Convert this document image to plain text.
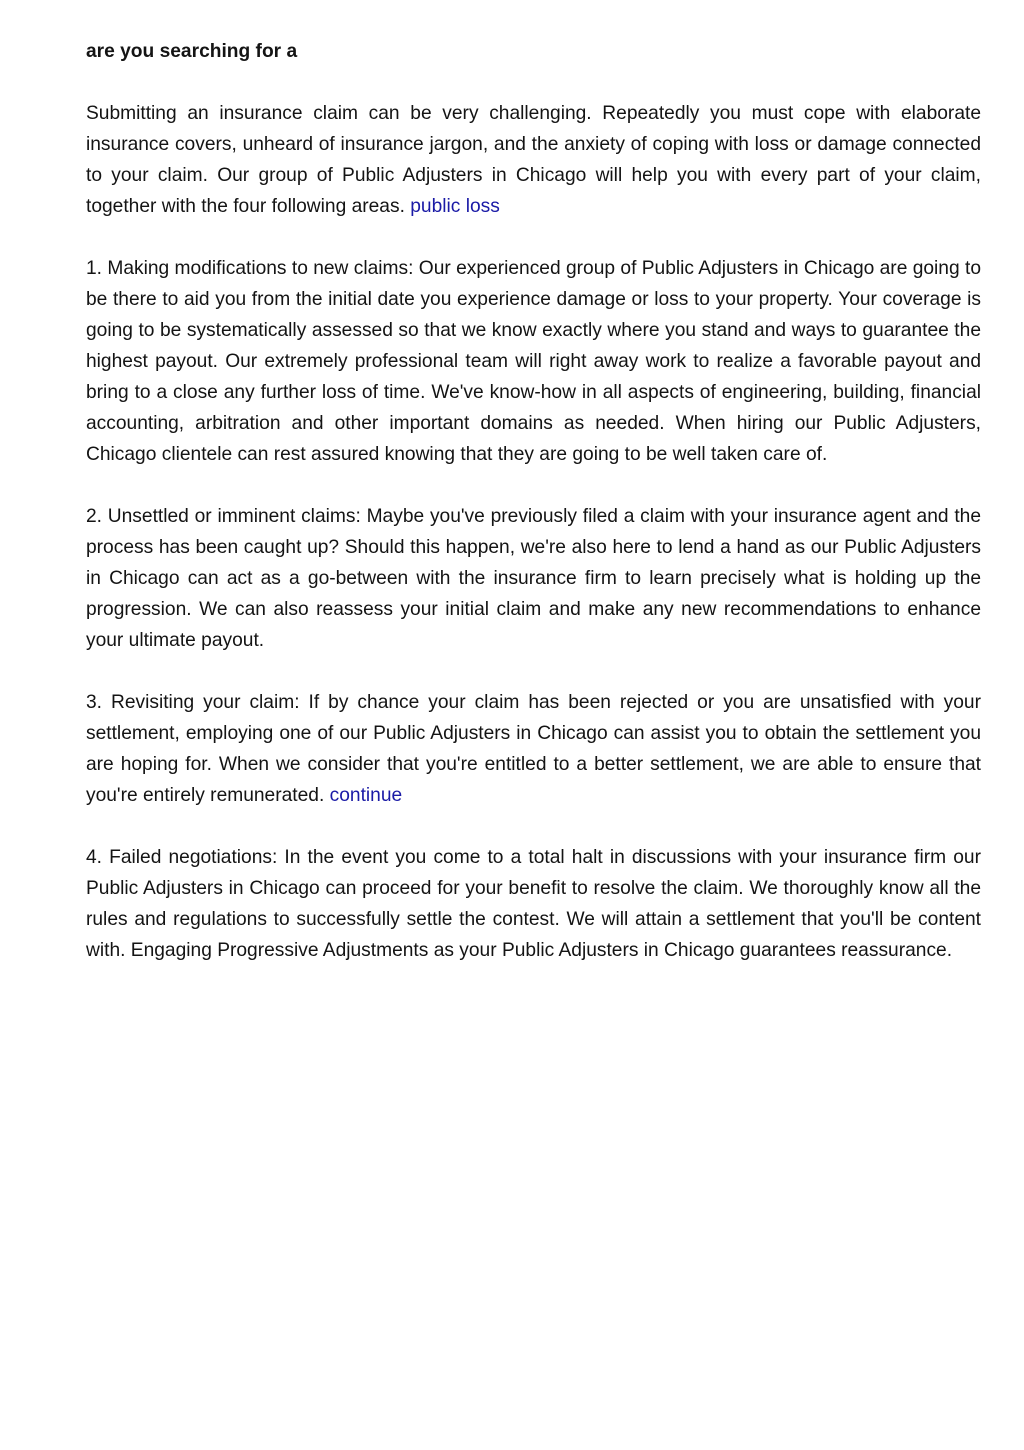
are you searching for a

Submitting an insurance claim can be very challenging. Repeatedly you must cope with elaborate insurance covers, unheard of insurance jargon, and the anxiety of coping with loss or damage connected to your claim. Our group of Public Adjusters in Chicago will help you with every part of your claim, together with the four following areas. public loss

1. Making modifications to new claims: Our experienced group of Public Adjusters in Chicago are going to be there to aid you from the initial date you experience damage or loss to your property. Your coverage is going to be systematically assessed so that we know exactly where you stand and ways to guarantee the highest payout. Our extremely professional team will right away work to realize a favorable payout and bring to a close any further loss of time. We've know-how in all aspects of engineering, building, financial accounting, arbitration and other important domains as needed. When hiring our Public Adjusters, Chicago clientele can rest assured knowing that they are going to be well taken care of.

2. Unsettled or imminent claims: Maybe you've previously filed a claim with your insurance agent and the process has been caught up? Should this happen, we're also here to lend a hand as our Public Adjusters in Chicago can act as a go-between with the insurance firm to learn precisely what is holding up the progression. We can also reassess your initial claim and make any new recommendations to enhance your ultimate payout.

3. Revisiting your claim: If by chance your claim has been rejected or you are unsatisfied with your settlement, employing one of our Public Adjusters in Chicago can assist you to obtain the settlement you are hoping for. When we consider that you're entitled to a better settlement, we are able to ensure that you're entirely remunerated. continue

4. Failed negotiations: In the event you come to a total halt in discussions with your insurance firm our Public Adjusters in Chicago can proceed for your benefit to resolve the claim. We thoroughly know all the rules and regulations to successfully settle the contest. We will attain a settlement that you'll be content with. Engaging Progressive Adjustments as your Public Adjusters in Chicago guarantees reassurance.
